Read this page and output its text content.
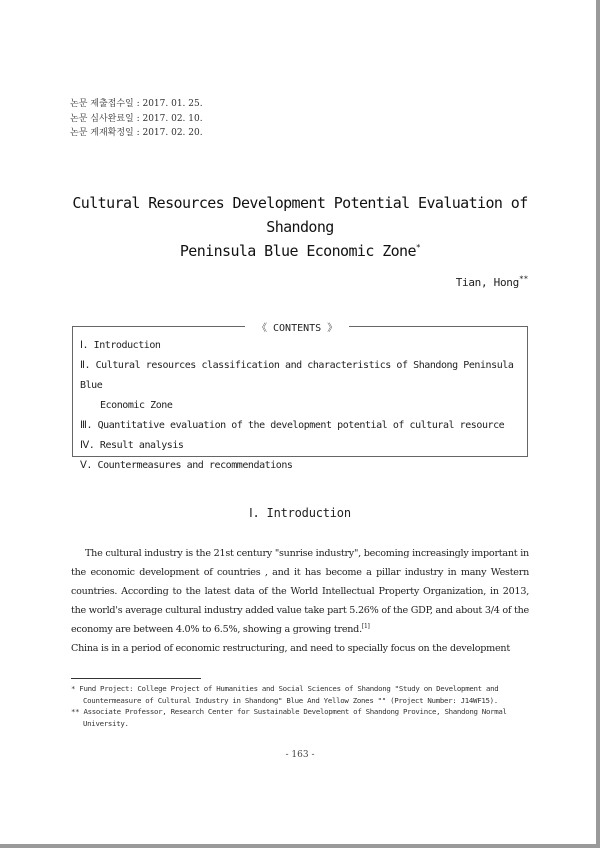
논문 제출접수일 : 2017. 01. 25.
논문 심사완료일 : 2017. 02. 10.
논문 게재확정일 : 2017. 02. 20.
Cultural Resources Development Potential Evaluation of Shandong
Peninsula Blue Economic Zone*
Tian, Hong**
《 CONTENTS 》
Ⅰ. Introduction
Ⅱ. Cultural resources classification and characteristics of Shandong Peninsula Blue
Economic Zone
Ⅲ. Quantitative evaluation of the development potential of cultural resource
Ⅳ. Result analysis
Ⅴ. Countermeasures and recommendations
Ⅰ. Introduction

The cultural industry is the 21st century "sunrise industry", becoming increasingly important in the economic development of countries , and it has become a pillar industry in many Western countries. According to the latest data of the World Intellectual Property Organization, in 2013, the world's average cultural industry added value take part 5.26% of the GDP, and about 3/4 of the economy are between 4.0% to 6.5%, showing a growing trend.[1]
China is in a period of economic restructuring, and need to specially focus on the development

* Fund Project: College Project of Humanities and Social Sciences of Shandong "Study on Development and Countermeasure of Cultural Industry in Shandong" Blue And Yellow Zones "" (Project Number: J14WF15).
** Associate Professor, Research Center for Sustainable Development of Shandong Province, Shandong Normal University.
- 163 -
